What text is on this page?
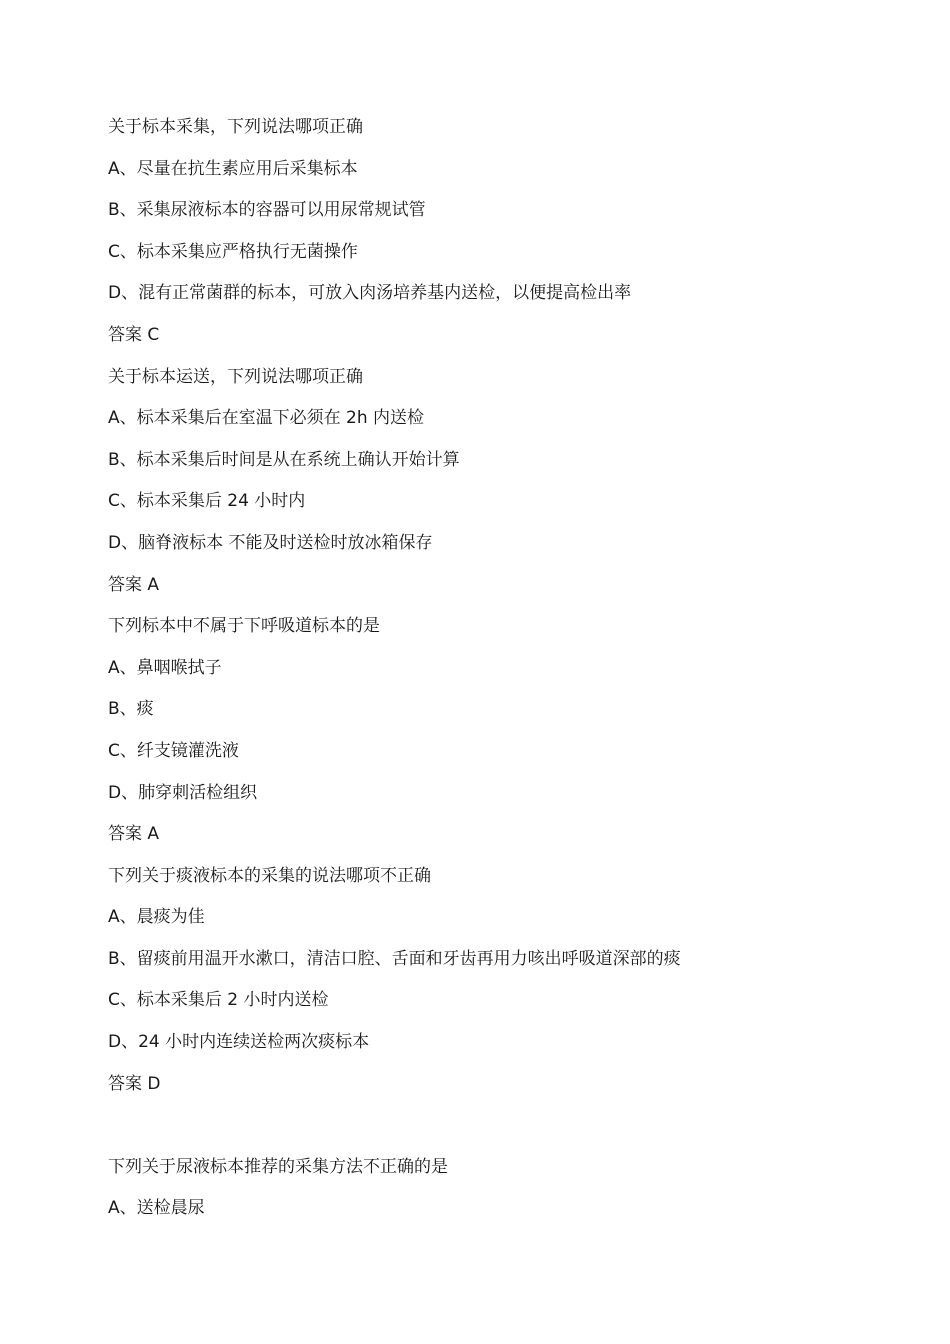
关于标本采集，下列说法哪项正确
A、尽量在抗生素应用后采集标本
B、采集尿液标本的容器可以用尿常规试管
C、标本采集应严格执行无菌操作
D、混有正常菌群的标本，可放入肉汤培养基内送检，以便提高检出率
答案 C
关于标本运送，下列说法哪项正确
A、标本采集后在室温下必须在 2h 内送检
B、标本采集后时间是从在系统上确认开始计算
C、标本采集后 24 小时内
D、脑脊液标本 不能及时送检时放冰箱保存
答案 A
下列标本中不属于下呼吸道标本的是
A、鼻咽喉拭子
B、痰
C、纤支镜灌洗液
D、肺穿刺活检组织
答案 A
下列关于痰液标本的采集的说法哪项不正确
A、晨痰为佳
B、留痰前用温开水漱口，清洁口腔、舌面和牙齿再用力咳出呼吸道深部的痰
C、标本采集后 2 小时内送检
D、24 小时内连续送检两次痰标本
答案 D
下列关于尿液标本推荐的采集方法不正确的是
A、送检晨尿
